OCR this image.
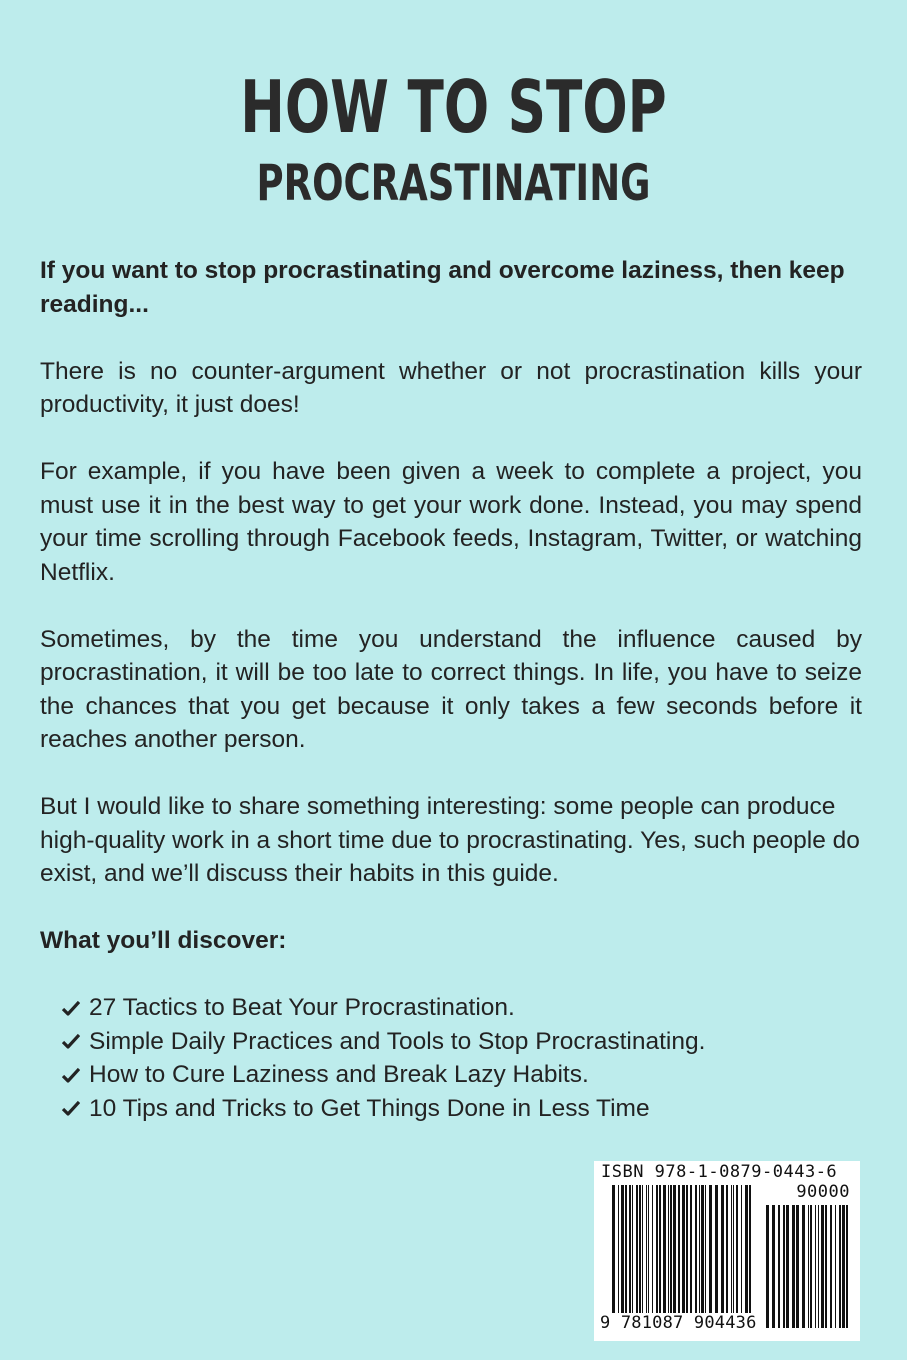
HOW TO STOP
PROCRASTINATING

If you want to stop procrastinating and overcome laziness, then keep reading...

There is no counter-argument whether or not procrastination kills your productivity, it just does!

For example, if you have been given a week to complete a project, you must use it in the best way to get your work done. Instead, you may spend your time scrolling through Facebook feeds, Instagram, Twitter, or watching Netflix.

Sometimes, by the time you understand the influence caused by procrastination, it will be too late to correct things. In life, you have to seize the chances that you get because it only takes a few seconds before it reaches another person.

But I would like to share something interesting: some people can produce high-quality work in a short time due to procrastinating. Yes, such people do exist, and we’ll discuss their habits in this guide.

What you’ll discover:
27 Tactics to Beat Your Procrastination.
Simple Daily Practices and Tools to Stop Procrastinating.
How to Cure Laziness and Break Lazy Habits.
10 Tips and Tricks to Get Things Done in Less Time
ISBN 978-1-0879-0443-6
90000
9 781087 904436
